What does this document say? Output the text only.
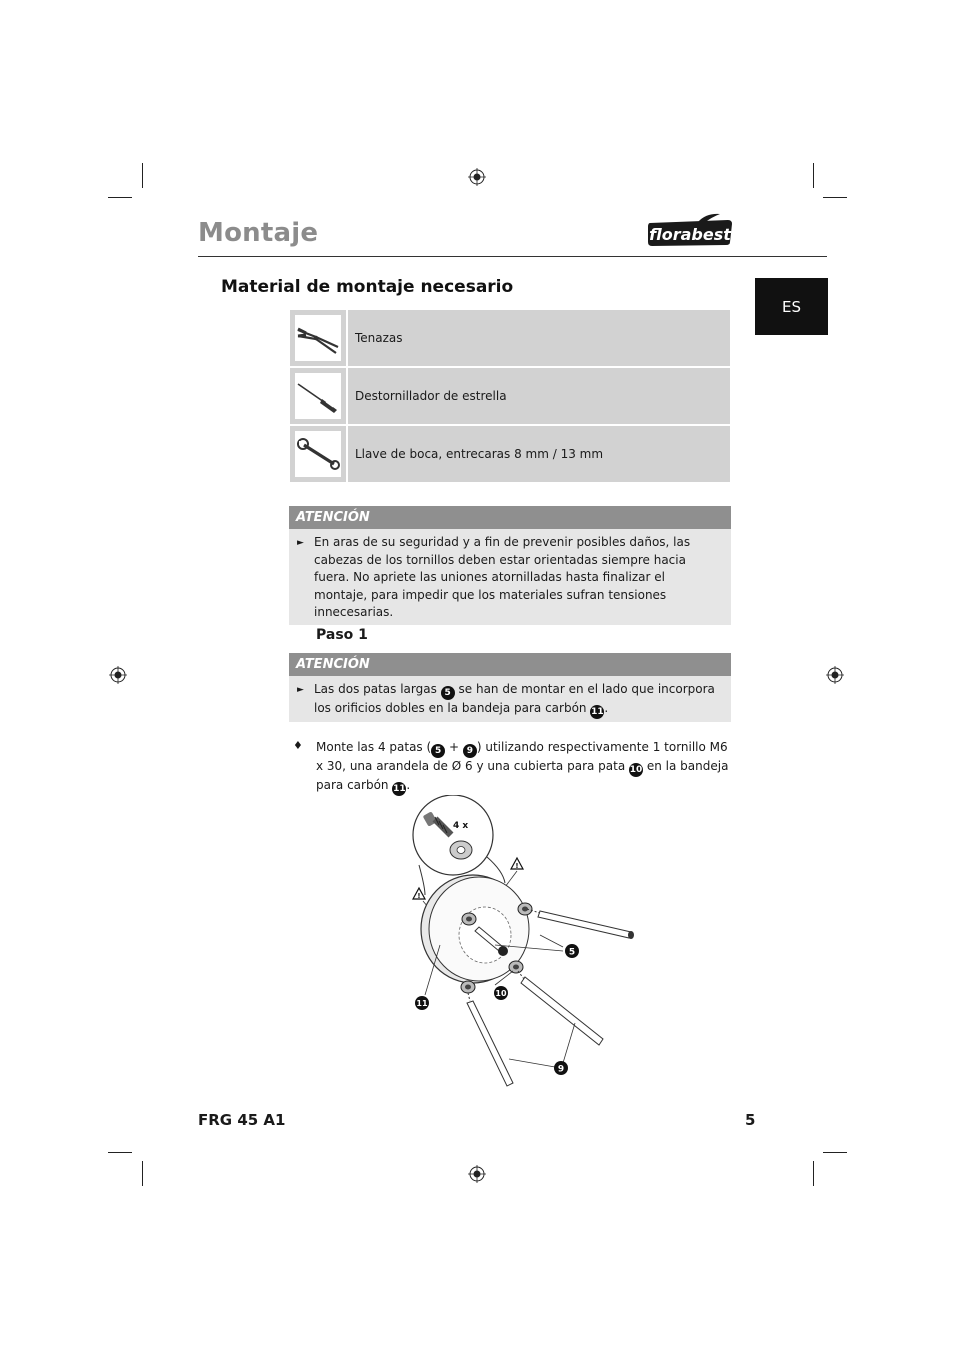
Montaje	florabest
ES
Material de montaje necesario
	Tenazas

	Destornillador de estrella

	Llave de boca, entrecaras 8 mm / 13 mm
ATENCIÓN
► En aras de su seguridad y a fin de prevenir posibles daños, las cabezas de los tornillos deben estar orientadas siempre hacia fuera. No apriete las uniones atornilladas hasta finalizar el montaje, para impedir que los materiales sufran tensiones innecesarias.
Paso 1
ATENCIÓN
► Las dos patas largas 5 se han de montar en el lado que incorpora los orificios dobles en la bandeja para carbón 11.
♦ Monte las 4 patas ( 5 + 9 ) utilizando respectivamente 1 tornillo M6 x 30, una arandela de Ø 6 y una cubierta para pata 10 en la bandeja para carbón 11.
4 x
!
!
5
9
10
11
FRG 45 A1	5
